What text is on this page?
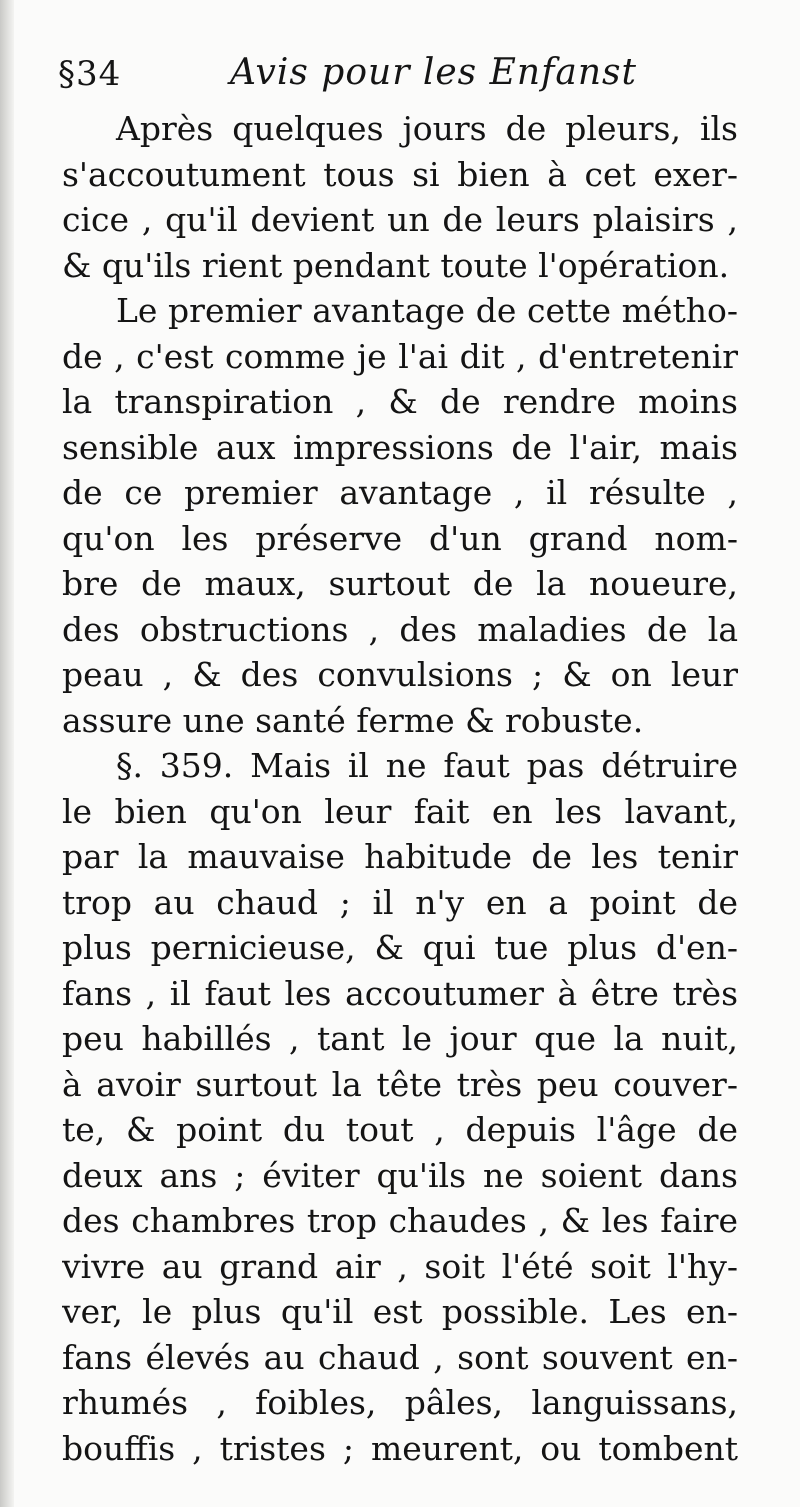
§34	Avis pour les Enfanst
Après quelques jours de pleurs, ils
s'accoutument tous si bien à cet exer-
cice , qu'il devient un de leurs plaisirs ,
& qu'ils rient pendant toute l'opération.
Le premier avantage de cette métho-
de , c'est comme je l'ai dit , d'entretenir
la transpiration , & de rendre moins
sensible aux impressions de l'air, mais
de ce premier avantage , il résulte ,
qu'on les préserve d'un grand nom-
bre de maux, surtout de la noueure,
des obstructions , des maladies de la
peau , & des convulsions ; & on leur
assure une santé ferme & robuste.
§. 359. Mais il ne faut pas détruire
le bien qu'on leur fait en les lavant,
par la mauvaise habitude de les tenir
trop au chaud ; il n'y en a point de
plus pernicieuse, & qui tue plus d'en-
fans , il faut les accoutumer à être très
peu habillés , tant le jour que la nuit,
à avoir surtout la tête très peu couver-
te, & point du tout , depuis l'âge de
deux ans ; éviter qu'ils ne soient dans
des chambres trop chaudes , & les faire
vivre au grand air , soit l'été soit l'hy-
ver, le plus qu'il est possible. Les en-
fans élevés au chaud , sont souvent en-
rhumés , foibles, pâles, languissans,
bouffis , tristes ; meurent, ou tombent
